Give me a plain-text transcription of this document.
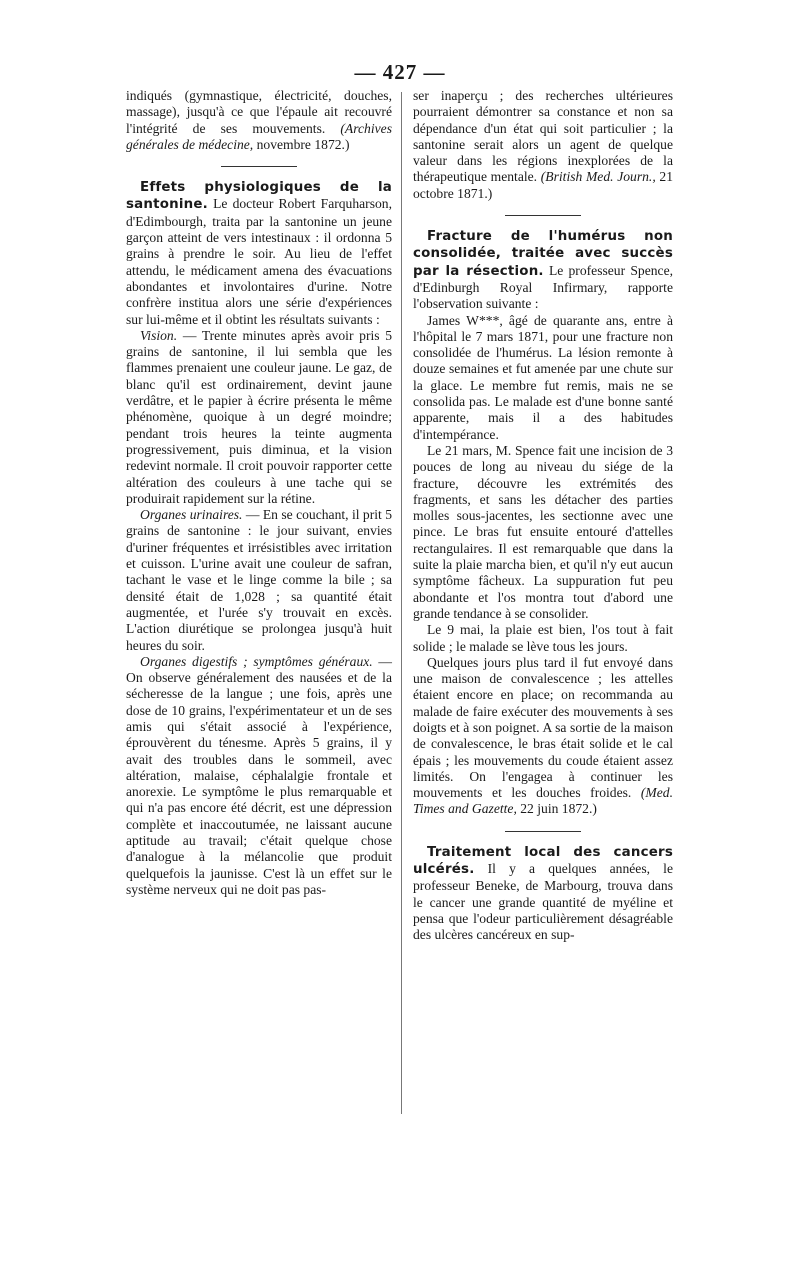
— 427 —

indiqués (gymnastique, électricité, douches, massage), jusqu'à ce que l'épaule ait recouvré l'intégrité de ses mouvements. (Archives générales de médecine, novembre 1872.)

Effets physiologiques de la santonine. Le docteur Robert Farquharson, d'Edimbourgh, traita par la santonine un jeune garçon atteint de vers intestinaux : il ordonna 5 grains à prendre le soir. Au lieu de l'effet attendu, le médicament amena des évacuations abondantes et involontaires d'urine. Notre confrère institua alors une série d'expériences sur lui-même et il obtint les résultats suivants :

Vision. — Trente minutes après avoir pris 5 grains de santonine, il lui sembla que les flammes prenaient une couleur jaune. Le gaz, de blanc qu'il est ordinairement, devint jaune verdâtre, et le papier à écrire présenta le même phénomène, quoique à un degré moindre; pendant trois heures la teinte augmenta progressivement, puis diminua, et la vision redevint normale. Il croit pouvoir rapporter cette altération des couleurs à une tache qui se produirait rapidement sur la rétine.

Organes urinaires. — En se couchant, il prit 5 grains de santonine : le jour suivant, envies d'uriner fréquentes et irrésistibles avec irritation et cuisson. L'urine avait une couleur de safran, tachant le vase et le linge comme la bile ; sa densité était de 1,028 ; sa quantité était augmentée, et l'urée s'y trouvait en excès. L'action diurétique se prolongea jusqu'à huit heures du soir.

Organes digestifs ; symptômes généraux. — On observe généralement des nausées et de la sécheresse de la langue ; une fois, après une dose de 10 grains, l'expérimentateur et un de ses amis qui s'était associé à l'expérience, éprouvèrent du ténesme. Après 5 grains, il y avait des troubles dans le sommeil, avec altération, malaise, céphalalgie frontale et anorexie. Le symptôme le plus remarquable et qui n'a pas encore été décrit, est une dépression complète et inaccoutumée, ne laissant aucune aptitude au travail; c'était quelque chose d'analogue à la mélancolie que produit quelquefois la jaunisse. C'est là un effet sur le système nerveux qui ne doit pas pas-

ser inaperçu ; des recherches ultérieures pourraient démontrer sa constance et non sa dépendance d'un état qui soit particulier ; la santonine serait alors un agent de quelque valeur dans les régions inexplorées de la thérapeutique mentale. (British Med. Journ., 21 octobre 1871.)

Fracture de l'humérus non consolidée, traitée avec succès par la résection. Le professeur Spence, d'Edinburgh Royal Infirmary, rapporte l'observation suivante :

James W***, âgé de quarante ans, entre à l'hôpital le 7 mars 1871, pour une fracture non consolidée de l'humérus. La lésion remonte à douze semaines et fut amenée par une chute sur la glace. Le membre fut remis, mais ne se consolida pas. Le malade est d'une bonne santé apparente, mais il a des habitudes d'intempérance.

Le 21 mars, M. Spence fait une incision de 3 pouces de long au niveau du siége de la fracture, découvre les extrémités des fragments, et sans les détacher des parties molles sous-jacentes, les sectionne avec une pince. Le bras fut ensuite entouré d'attelles rectangulaires. Il est remarquable que dans la suite la plaie marcha bien, et qu'il n'y eut aucun symptôme fâcheux. La suppuration fut peu abondante et l'os montra tout d'abord une grande tendance à se consolider.

Le 9 mai, la plaie est bien, l'os tout à fait solide ; le malade se lève tous les jours.

Quelques jours plus tard il fut envoyé dans une maison de convalescence ; les attelles étaient encore en place; on recommanda au malade de faire exécuter des mouvements à ses doigts et à son poignet. A sa sortie de la maison de convalescence, le bras était solide et le cal épais ; les mouvements du coude étaient assez limités. On l'engagea à continuer les mouvements et les douches froides. (Med. Times and Gazette, 22 juin 1872.)

Traitement local des cancers ulcérés. Il y a quelques années, le professeur Beneke, de Marbourg, trouva dans le cancer une grande quantité de myéline et pensa que l'odeur particulièrement désagréable des ulcères cancéreux en sup-
